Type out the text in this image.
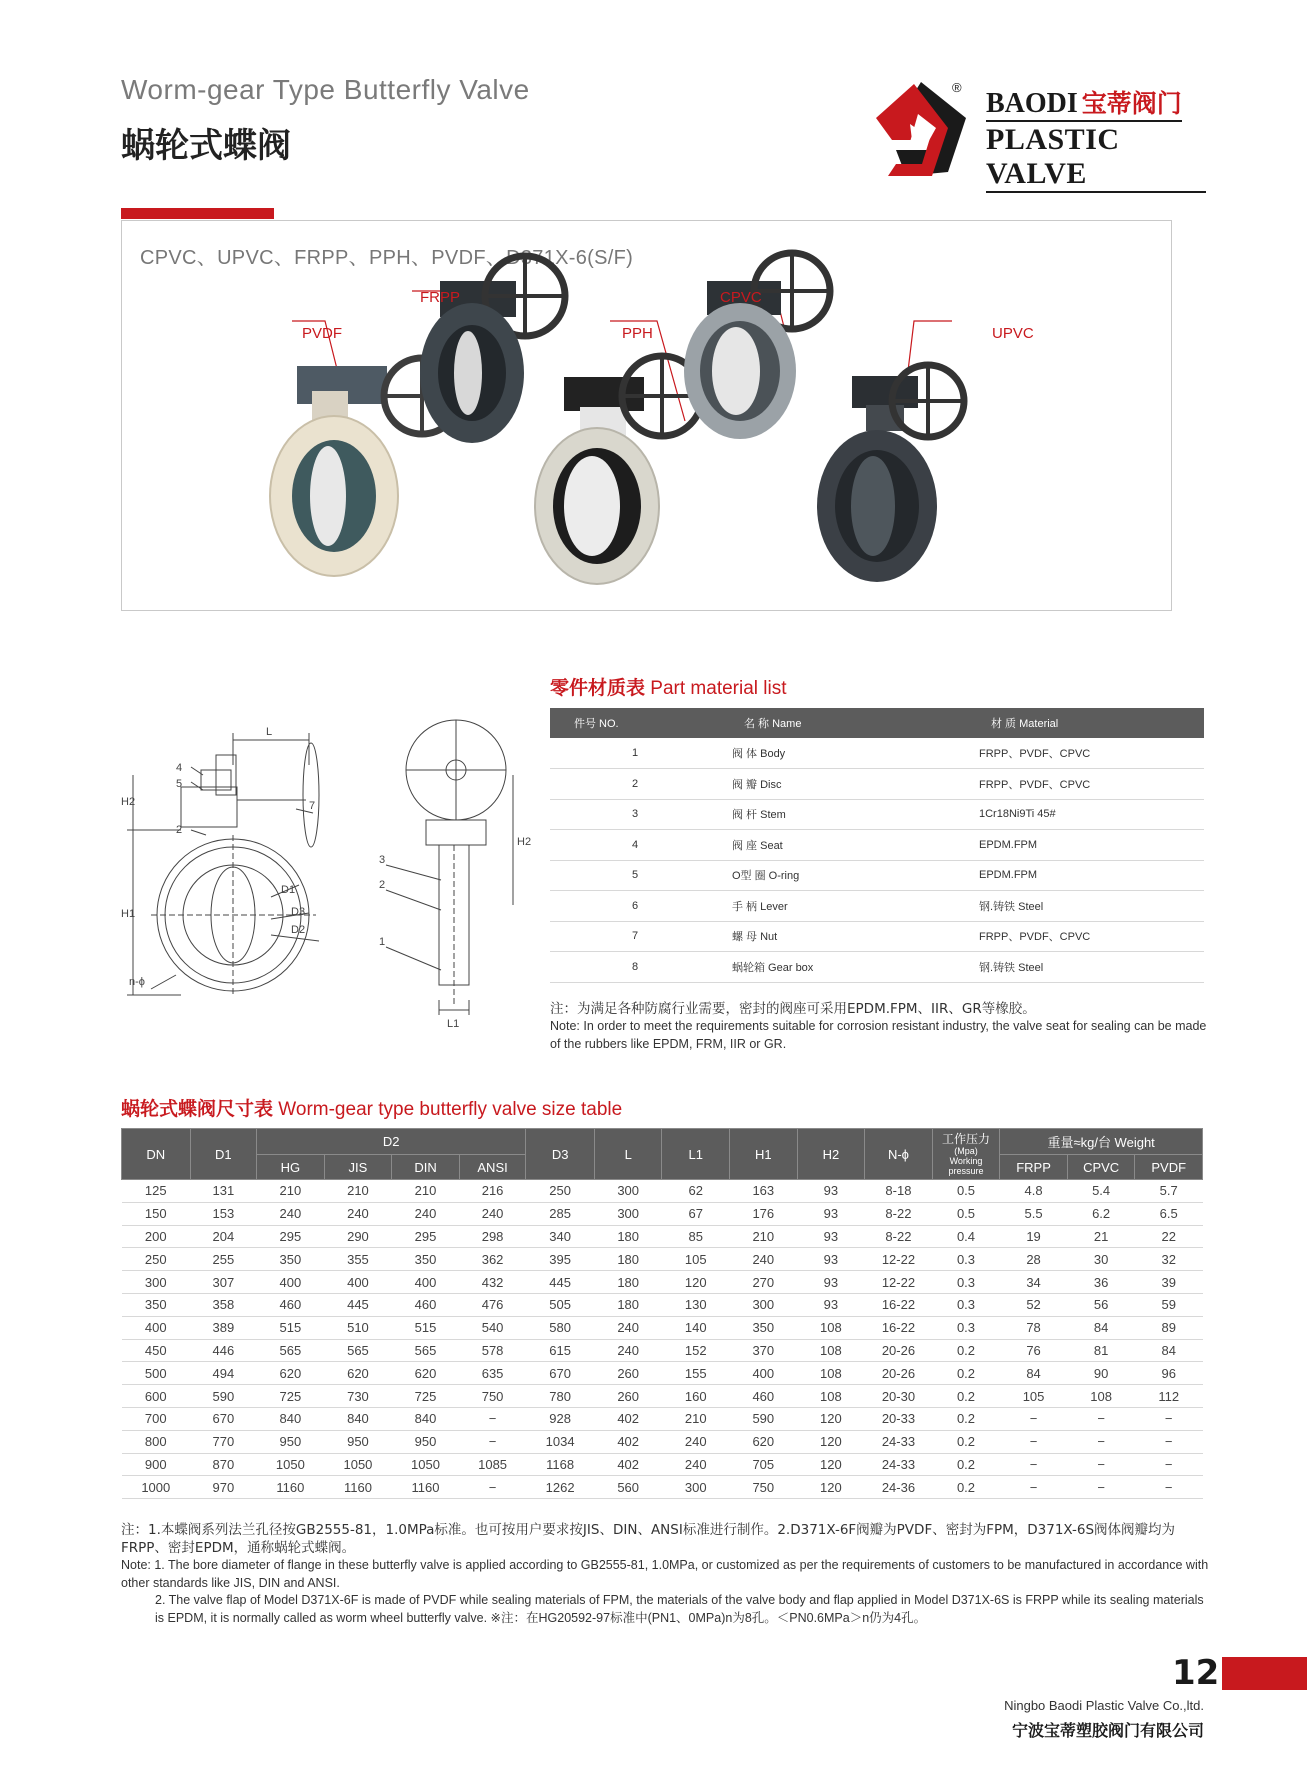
Worm-gear Type Butterfly Valve
蜗轮式蝶阀
®
BAODI 宝蒂阀门
PLASTIC VALVE
CPVC、UPVC、FRPP、PPH、PVDF、D371X-6(S/F)
PVDF
FRPP
PPH
CPVC
UPVC
L
4
5
H2	7
2
H1
D1
D3
D2
n-ϕ
3
2
H2
1
L1
零件材质表 Part material list
件号 NO.	名 称 Name	材 质 Material
1	阀 体 Body	FRPP、PVDF、CPVC
2	阀 瓣 Disc	FRPP、PVDF、CPVC
3	阀 杆 Stem	1Cr18Ni9Ti 45#
4	阀 座 Seat	EPDM.FPM
5	O型 圈 O-ring	EPDM.FPM
6	手 柄 Lever	钢.铸铁 Steel
7	螺 母 Nut	FRPP、PVDF、CPVC
8	蜗轮箱 Gear box	钢.铸铁 Steel
注：为满足各种防腐行业需要，密封的阀座可采用EPDM.FPM、IIR、GR等橡胶。
Note: In order to meet the requirements suitable for corrosion resistant industry, the valve seat for sealing can be made of the rubbers like EPDM, FRM, IIR or GR.
蜗轮式蝶阀尺寸表 Worm-gear type butterfly valve size table
DN	D1	D2				D3	L	L1	H1	H2	N-ϕ	工作压力
(Mpa)
Working
pressure	重量≈kg/台 Weight		
		HG	JIS	DIN	ANSI								FRPP	CPVC	PVDF
125	131	210	210	210	216	250	300	62	163	93	8-18	0.5	4.8	5.4	5.7
150	153	240	240	240	240	285	300	67	176	93	8-22	0.5	5.5	6.2	6.5
200	204	295	290	295	298	340	180	85	210	93	8-22	0.4	19	21	22
250	255	350	355	350	362	395	180	105	240	93	12-22	0.3	28	30	32
300	307	400	400	400	432	445	180	120	270	93	12-22	0.3	34	36	39
350	358	460	445	460	476	505	180	130	300	93	16-22	0.3	52	56	59
400	389	515	510	515	540	580	240	140	350	108	16-22	0.3	78	84	89
450	446	565	565	565	578	615	240	152	370	108	20-26	0.2	76	81	84
500	494	620	620	620	635	670	260	155	400	108	20-26	0.2	84	90	96
600	590	725	730	725	750	780	260	160	460	108	20-30	0.2	105	108	112
700	670	840	840	840	−	928	402	210	590	120	20-33	0.2	−	−	−
800	770	950	950	950	−	1034	402	240	620	120	24-33	0.2	−	−	−
900	870	1050	1050	1050	1085	1168	402	240	705	120	24-33	0.2	−	−	−
1000	970	1160	1160	1160	−	1262	560	300	750	120	24-36	0.2	−	−	−
注：1.本蝶阀系列法兰孔径按GB2555-81，1.0MPa标准。也可按用户要求按JIS、DIN、ANSI标准进行制作。2.D371X-6F阀瓣为PVDF、密封为FPM，D371X-6S阀体阀瓣均为FRPP、密封EPDM，通称蜗轮式蝶阀。
Note: 1. The bore diameter of flange in these butterfly valve is applied according to GB2555-81, 1.0MPa, or customized as per the requirements of customers to be manufactured in accordance with other standards like JIS, DIN and ANSI.
2. The valve flap of Model D371X-6F is made of PVDF while sealing materials of FPM, the materials of the valve body and flap applied in Model D371X-6S is FRPP while its sealing materials is EPDM, it is normally called as worm wheel butterfly valve. ※注：在HG20592-97标准中(PN1、0MPa)n为8孔。＜PN0.6MPa＞n仍为4孔。
12
Ningbo Baodi Plastic Valve Co.,ltd.
宁波宝蒂塑胶阀门有限公司
